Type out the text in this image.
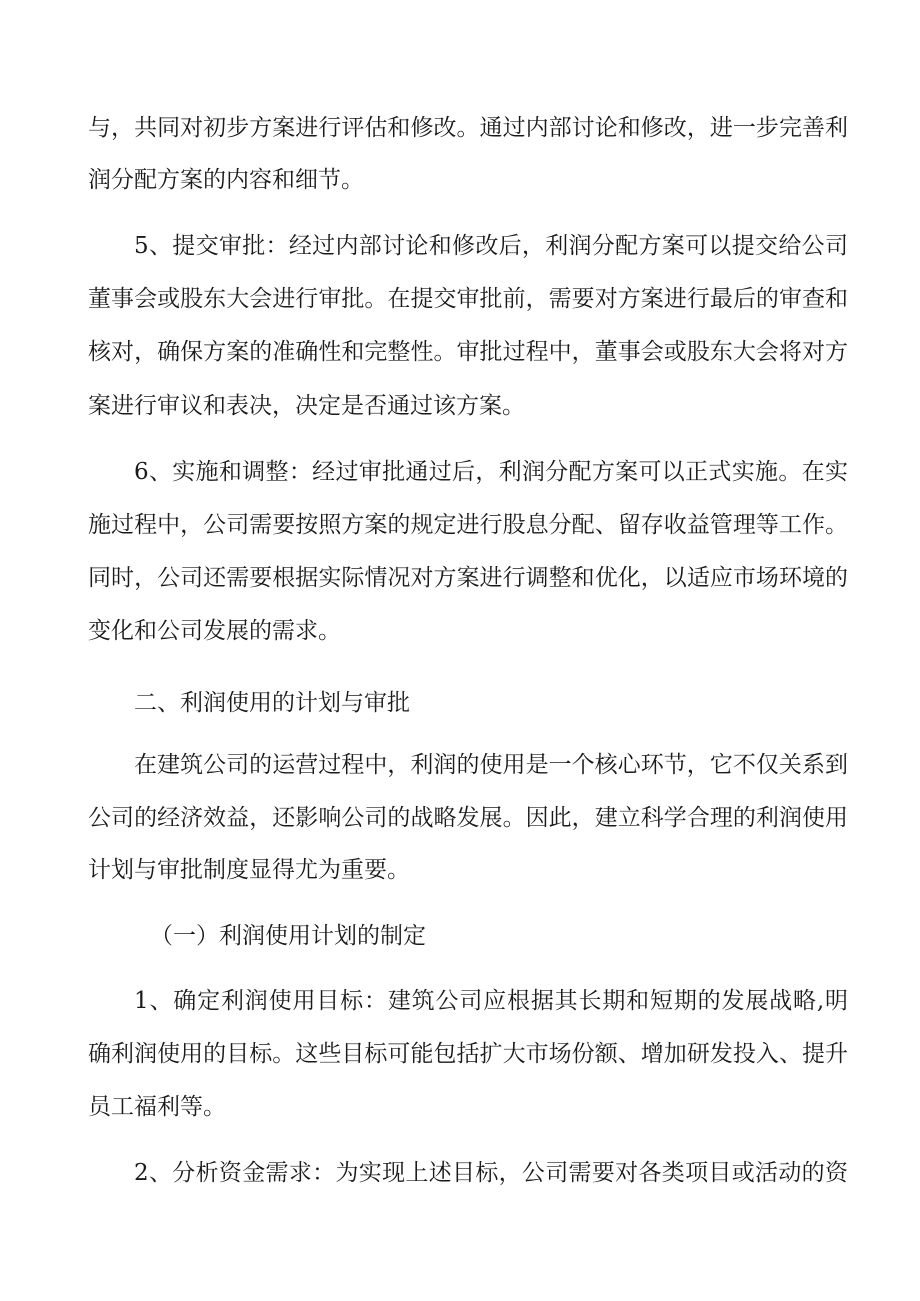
与，共同对初步方案进行评估和修改。通过内部讨论和修改，进一步完善利
润分配方案的内容和细节。
5、提交审批：经过内部讨论和修改后，利润分配方案可以提交给公司
董事会或股东大会进行审批。在提交审批前，需要对方案进行最后的审查和
核对，确保方案的准确性和完整性。审批过程中，董事会或股东大会将对方
案进行审议和表决，决定是否通过该方案。
6、实施和调整：经过审批通过后，利润分配方案可以正式实施。在实
施过程中，公司需要按照方案的规定进行股息分配、留存收益管理等工作。
同时，公司还需要根据实际情况对方案进行调整和优化，以适应市场环境的
变化和公司发展的需求。
二、利润使用的计划与审批
在建筑公司的运营过程中，利润的使用是一个核心环节，它不仅关系到
公司的经济效益，还影响公司的战略发展。因此，建立科学合理的利润使用
计划与审批制度显得尤为重要。
（一）利润使用计划的制定
1、确定利润使用目标：建筑公司应根据其长期和短期的发展战略,明
确利润使用的目标。这些目标可能包括扩大市场份额、增加研发投入、提升
员工福利等。
2、分析资金需求：为实现上述目标，公司需要对各类项目或活动的资
